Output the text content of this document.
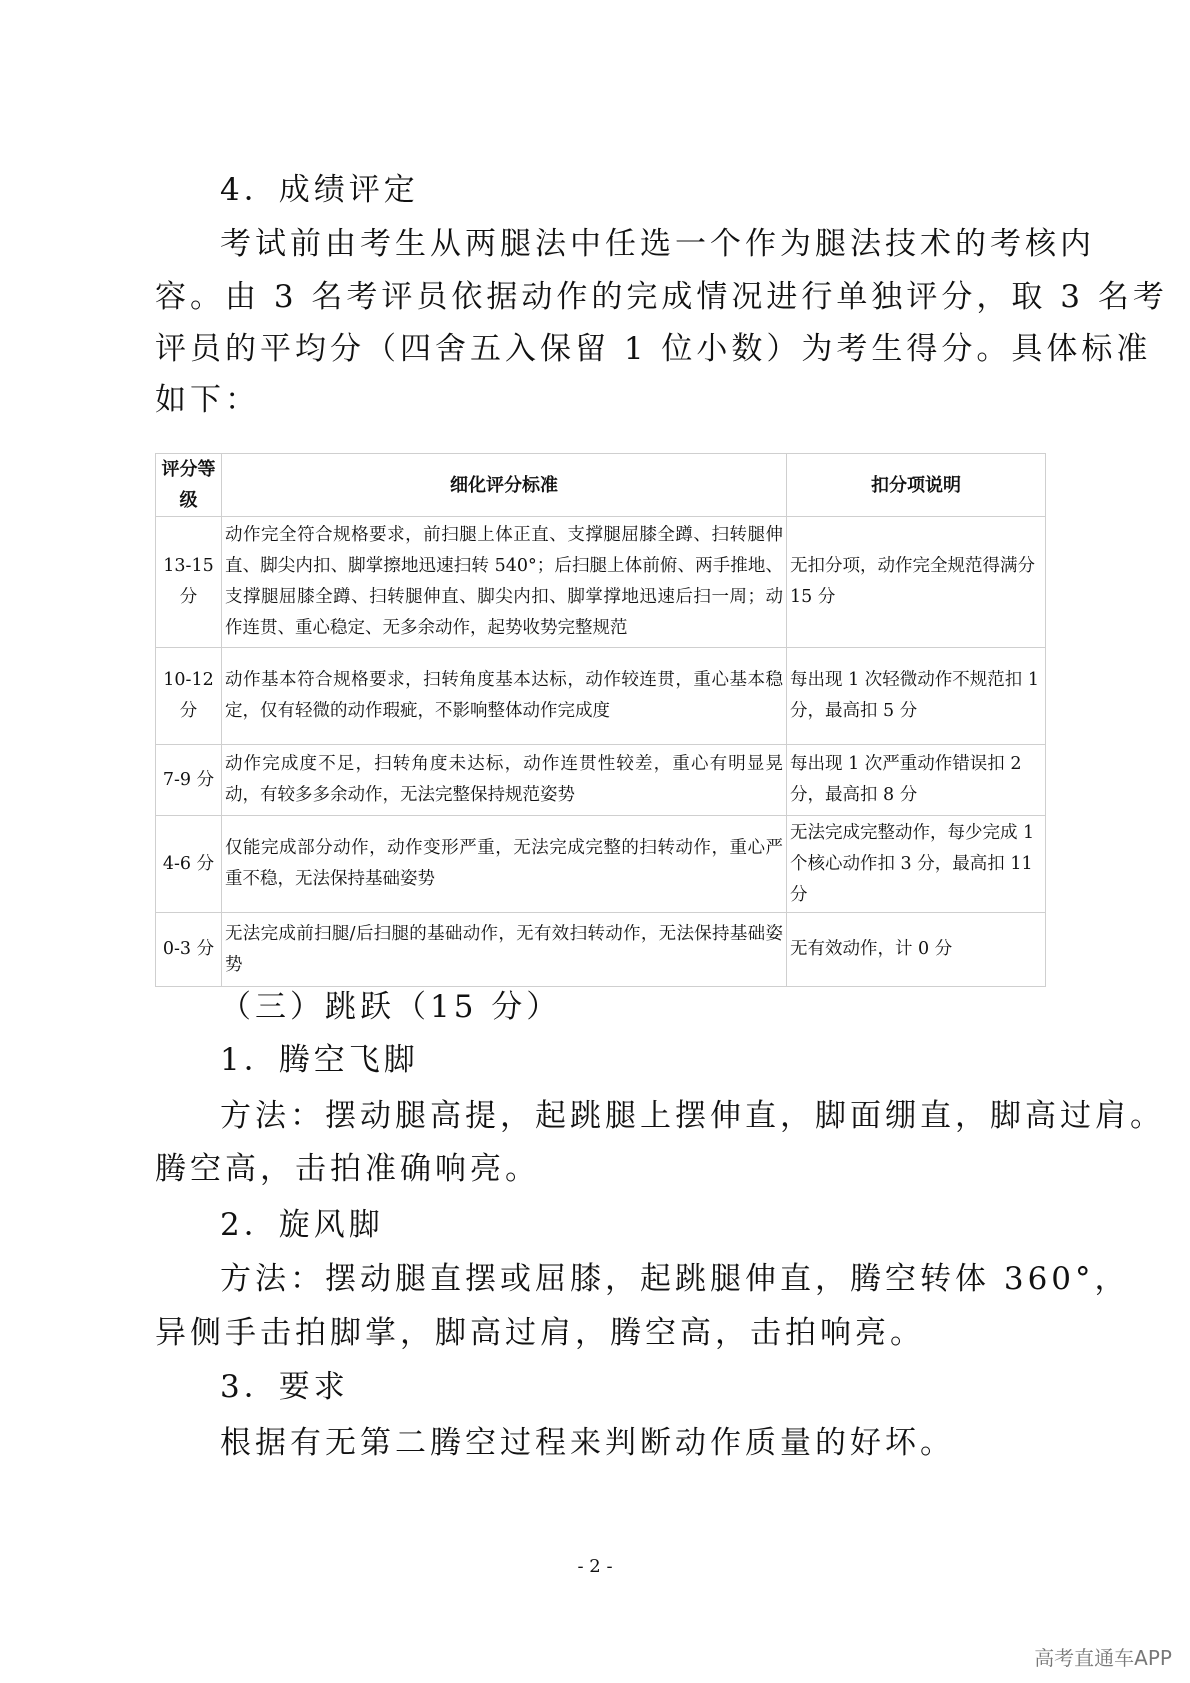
4．成绩评定
考试前由考生从两腿法中任选一个作为腿法技术的考核内
容。由 3 名考评员依据动作的完成情况进行单独评分，取 3 名考
评员的平均分（四舍五入保留 1 位小数）为考生得分。具体标准
如下：
评分等级	细化评分标准	扣分项说明
13-15 分	动作完全符合规格要求，前扫腿上体正直、支撑腿屈膝全蹲、扫转腿伸直、脚尖内扣、脚掌擦地迅速扫转 540°；后扫腿上体前俯、两手推地、支撑腿屈膝全蹲、扫转腿伸直、脚尖内扣、脚掌撑地迅速后扫一周；动作连贯、重心稳定、无多余动作，起势收势完整规范	无扣分项，动作完全规范得满分 15 分
10-12 分	动作基本符合规格要求，扫转角度基本达标，动作较连贯，重心基本稳定，仅有轻微的动作瑕疵，不影响整体动作完成度	每出现 1 次轻微动作不规范扣 1 分，最高扣 5 分
7-9 分	动作完成度不足，扫转角度未达标，动作连贯性较差，重心有明显晃动，有较多多余动作，无法完整保持规范姿势	每出现 1 次严重动作错误扣 2 分，最高扣 8 分
4-6 分	仅能完成部分动作，动作变形严重，无法完成完整的扫转动作，重心严重不稳，无法保持基础姿势	无法完成完整动作，每少完成 1 个核心动作扣 3 分，最高扣 11 分
0-3 分	无法完成前扫腿/后扫腿的基础动作，无有效扫转动作，无法保持基础姿势	无有效动作，计 0 分
（三）跳跃（15 分）
1．腾空飞脚
方法：摆动腿高提，起跳腿上摆伸直，脚面绷直，脚高过肩。
腾空高，击拍准确响亮。
2．旋风脚
方法：摆动腿直摆或屈膝，起跳腿伸直，腾空转体 360°，
异侧手击拍脚掌，脚高过肩，腾空高，击拍响亮。
3．要求
根据有无第二腾空过程来判断动作质量的好坏。
- 2 -
高考直通车APP
